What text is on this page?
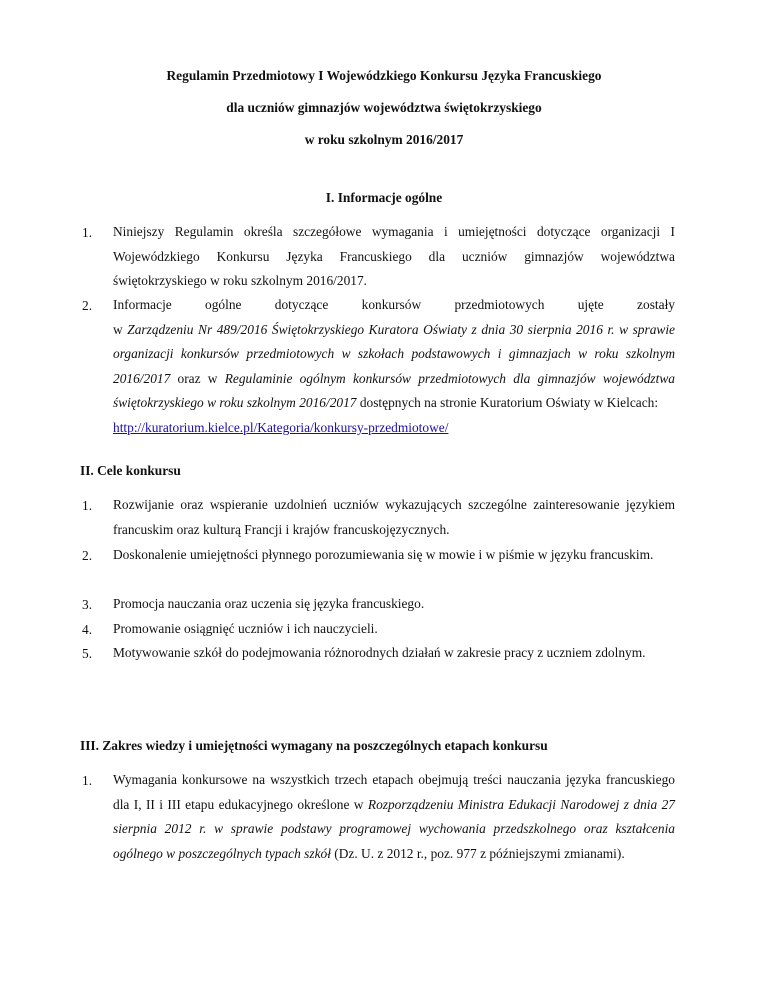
Regulamin Przedmiotowy I Wojewódzkiego Konkursu Języka Francuskiego
dla uczniów gimnazjów województwa świętokrzyskiego
w roku szkolnym 2016/2017
I. Informacje ogólne
1. Niniejszy Regulamin określa szczegółowe wymagania i umiejętności dotyczące organizacji I Wojewódzkiego Konkursu Języka Francuskiego dla uczniów gimnazjów województwa świętokrzyskiego w roku szkolnym 2016/2017.
2. Informacje ogólne dotyczące konkursów przedmiotowych ujęte zostały
w Zarządzeniu Nr 489/2016 Świętokrzyskiego Kuratora Oświaty z dnia 30 sierpnia 2016 r. w sprawie organizacji konkursów przedmiotowych w szkołach podstawowych i gimnazjach w roku szkolnym 2016/2017 oraz w Regulaminie ogólnym konkursów przedmiotowych dla gimnazjów województwa świętokrzyskiego w roku szkolnym 2016/2017 dostępnych na stronie Kuratorium Oświaty w Kielcach:
http://kuratorium.kielce.pl/Kategoria/konkursy-przedmiotowe/
II. Cele konkursu
1. Rozwijanie oraz wspieranie uzdolnień uczniów wykazujących szczególne zainteresowanie językiem francuskim oraz kulturą Francji i krajów francuskojęzycznych.
2. Doskonalenie umiejętności płynnego porozumiewania się w mowie i w piśmie w języku francuskim.
3. Promocja nauczania oraz uczenia się języka francuskiego.
4. Promowanie osiągnięć uczniów i ich nauczycieli.
5. Motywowanie szkół do podejmowania różnorodnych działań w zakresie pracy z uczniem zdolnym.
III. Zakres wiedzy i umiejętności wymagany na poszczególnych etapach konkursu
1. Wymagania konkursowe na wszystkich trzech etapach obejmują treści nauczania języka francuskiego dla I, II i III etapu edukacyjnego określone w Rozporządzeniu Ministra Edukacji Narodowej z dnia 27 sierpnia 2012 r. w sprawie podstawy programowej wychowania przedszkolnego oraz kształcenia ogólnego w poszczególnych typach szkół (Dz. U. z 2012 r., poz. 977 z późniejszymi zmianami).
